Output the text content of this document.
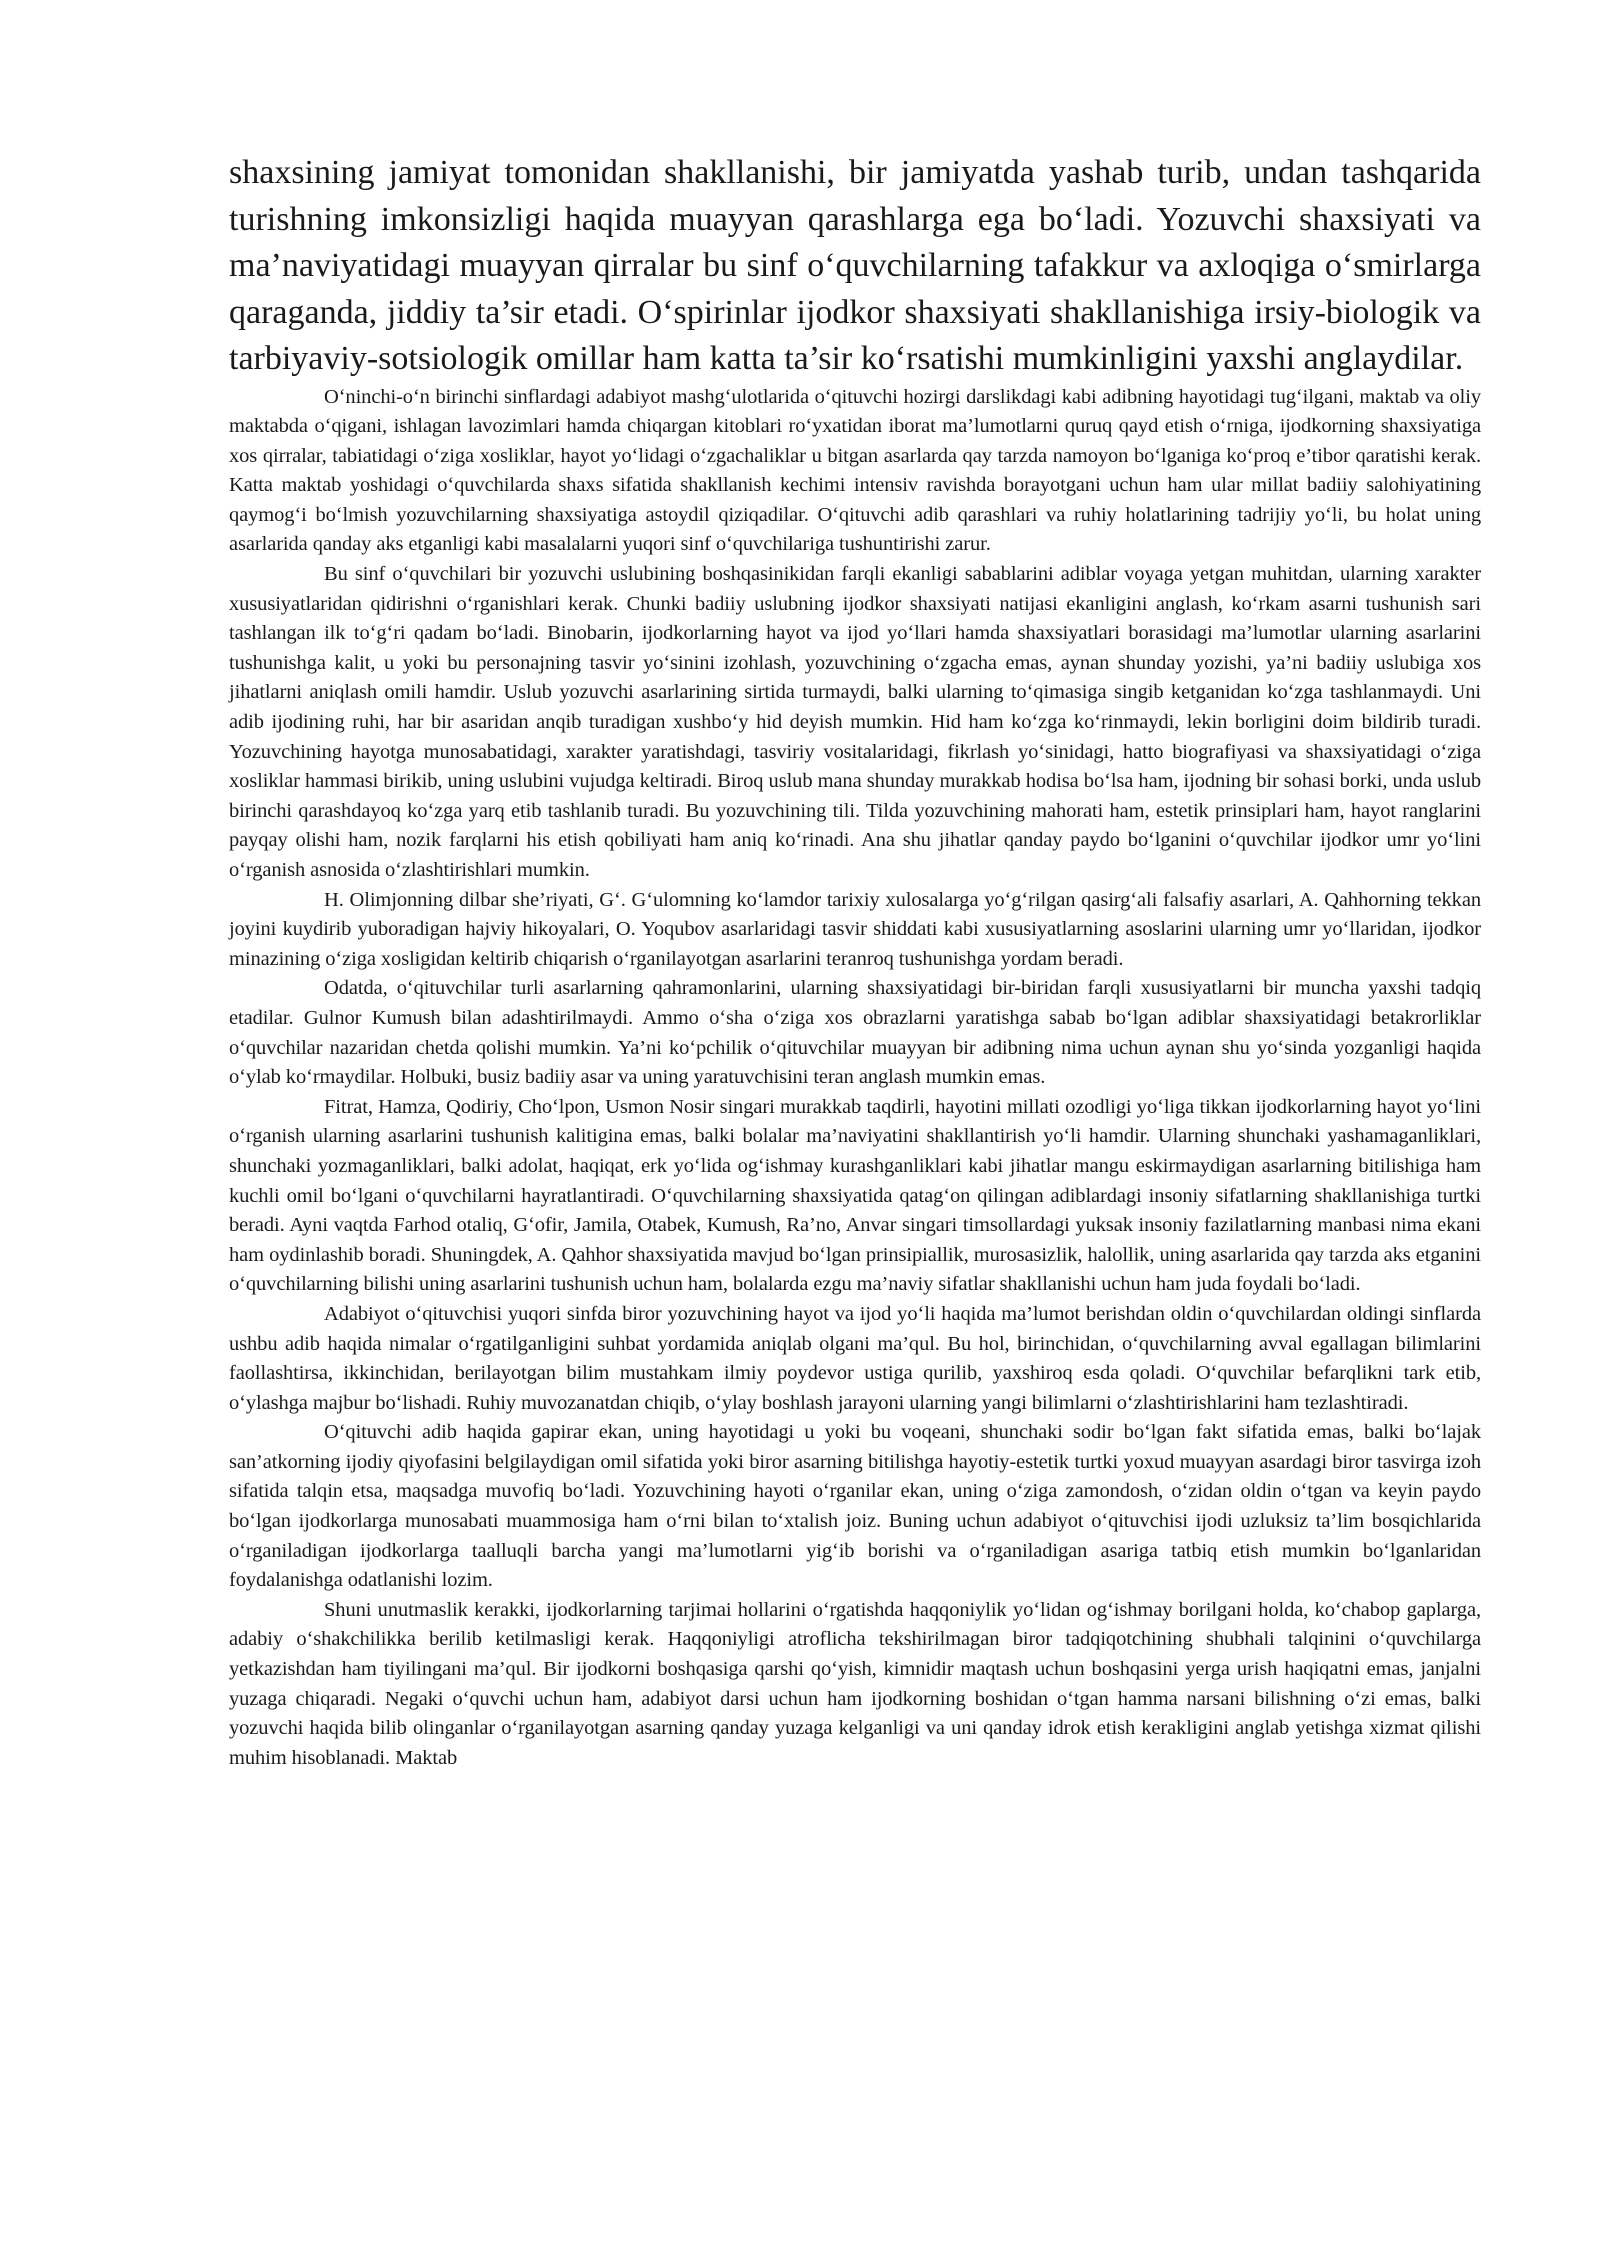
shaxsining jamiyat tomonidan shakllanishi, bir jamiyatda yashab turib, undan tashqarida turishning imkonsizligi haqida muayyan qarashlarga ega bo‘ladi. Yozuvchi shaxsiyati va ma’naviyatidagi muayyan qirralar bu sinf o‘quvchilarning tafakkur va axloqiga o‘smirlarga qaraganda, jiddiy ta’sir etadi. O‘spirinlar ijodkor shaxsiyati shakllanishiga irsiy-biologik va tarbiyaviy-sotsiologik omillar ham katta ta’sir ko‘rsatishi mumkinligini yaxshi anglaydilar.

O‘ninchi-o‘n birinchi sinflardagi adabiyot mashg‘ulotlarida o‘qituvchi hozirgi darslikdagi kabi adibning hayotidagi tug‘ilgani, maktab va oliy maktabda o‘qigani, ishlagan lavozimlari hamda chiqargan kitoblari ro‘yxatidan iborat ma’lumotlarni quruq qayd etish o‘rniga, ijodkorning shaxsiyatiga xos qirralar, tabiatidagi o‘ziga xosliklar, hayot yo‘lidagi o‘zgachaliklar u bitgan asarlarda qay tarzda namoyon bo‘lganiga ko‘proq e’tibor qaratishi kerak. Katta maktab yoshidagi o‘quvchilarda shaxs sifatida shakllanish kechimi intensiv ravishda borayotgani uchun ham ular millat badiiy salohiyatining qaymog‘i bo‘lmish yozuvchilarning shaxsiyatiga astoydil qiziqadilar. O‘qituvchi adib qarashlari va ruhiy holatlarining tadrijiy yo‘li, bu holat uning asarlarida qanday aks etganligi kabi masalalarni yuqori sinf o‘quvchilariga tushuntirishi zarur.

Bu sinf o‘quvchilari bir yozuvchi uslubining boshqasinikidan farqli ekanligi sabablarini adiblar voyaga yetgan muhitdan, ularning xarakter xususiyatlaridan qidirishni o‘rganishlari kerak. Chunki badiiy uslubning ijodkor shaxsiyati natijasi ekanligini anglash, ko‘rkam asarni tushunish sari tashlangan ilk to‘g‘ri qadam bo‘ladi. Binobarin, ijodkorlarning hayot va ijod yo‘llari hamda shaxsiyatlari borasidagi ma’lumotlar ularning asarlarini tushunishga kalit, u yoki bu personajning tasvir yo‘sinini izohlash, yozuvchining o‘zgacha emas, aynan shunday yozishi, ya’ni badiiy uslubiga xos jihatlarni aniqlash omili hamdir. Uslub yozuvchi asarlarining sirtida turmaydi, balki ularning to‘qimasiga singib ketganidan ko‘zga tashlanmaydi. Uni adib ijodining ruhi, har bir asaridan anqib turadigan xushbo‘y hid deyish mumkin. Hid ham ko‘zga ko‘rinmaydi, lekin borligini doim bildirib turadi. Yozuvchining hayotga munosabatidagi, xarakter yaratishdagi, tasviriy vositalaridagi, fikrlash yo‘sinidagi, hatto biografiyasi va shaxsiyatidagi o‘ziga xosliklar hammasi birikib, uning uslubini vujudga keltiradi. Biroq uslub mana shunday murakkab hodisa bo‘lsa ham, ijodning bir sohasi borki, unda uslub birinchi qarashdayoq ko‘zga yarq etib tashlanib turadi. Bu yozuvchining tili. Tilda yozuvchining mahorati ham, estetik prinsiplari ham, hayot ranglarini payqay olishi ham, nozik farqlarni his etish qobiliyati ham aniq ko‘rinadi. Ana shu jihatlar qanday paydo bo‘lganini o‘quvchilar ijodkor umr yo‘lini o‘rganish asnosida o‘zlashtirishlari mumkin.

H. Olimjonning dilbar she’riyati, G‘. G‘ulomning ko‘lamdor tarixiy xulosalarga yo‘g‘rilgan qasirg‘ali falsafiy asarlari, A. Qahhorning tekkan joyini kuydirib yuboradigan hajviy hikoyalari, O. Yoqubov asarlaridagi tasvir shiddati kabi xususiyatlarning asoslarini ularning umr yo‘llaridan, ijodkor minazining o‘ziga xosligidan keltirib chiqarish o‘rganilayotgan asarlarini teranroq tushunishga yordam beradi.

Odatda, o‘qituvchilar turli asarlarning qahramonlarini, ularning shaxsiyatidagi bir-biridan farqli xususiyatlarni bir muncha yaxshi tadqiq etadilar. Gulnor Kumush bilan adashtirilmaydi. Ammo o‘sha o‘ziga xos obrazlarni yaratishga sabab bo‘lgan adiblar shaxsiyatidagi betakrorliklar o‘quvchilar nazaridan chetda qolishi mumkin. Ya’ni ko‘pchilik o‘qituvchilar muayyan bir adibning nima uchun aynan shu yo‘sinda yozganligi haqida o‘ylab ko‘rmaydilar. Holbuki, busiz badiiy asar va uning yaratuvchisini teran anglash mumkin emas.

Fitrat, Hamza, Qodiriy, Cho‘lpon, Usmon Nosir singari murakkab taqdirli, hayotini millati ozodligi yo‘liga tikkan ijodkorlarning hayot yo‘lini o‘rganish ularning asarlarini tushunish kalitigina emas, balki bolalar ma’naviyatini shakllantirish yo‘li hamdir. Ularning shunchaki yashamaganliklari, shunchaki yozmaganliklari, balki adolat, haqiqat, erk yo‘lida og‘ishmay kurashganliklari kabi jihatlar mangu eskirmaydigan asarlarning bitilishiga ham kuchli omil bo‘lgani o‘quvchilarni hayratlantiradi. O‘quvchilarning shaxsiyatida qatag‘on qilingan adiblardagi insoniy sifatlarning shakllanishiga turtki beradi. Ayni vaqtda Farhod otaliq, G‘ofir, Jamila, Otabek, Kumush, Ra’no, Anvar singari timsollardagi yuksak insoniy fazilatlarning manbasi nima ekani ham oydinlashib boradi. Shuningdek, A. Qahhor shaxsiyatida mavjud bo‘lgan prinsipiallik, murosasizlik, halollik, uning asarlarida qay tarzda aks etganini o‘quvchilarning bilishi uning asarlarini tushunish uchun ham, bolalarda ezgu ma’naviy sifatlar shakllanishi uchun ham juda foydali bo‘ladi.

Adabiyot o‘qituvchisi yuqori sinfda biror yozuvchining hayot va ijod yo‘li haqida ma’lumot berishdan oldin o‘quvchilardan oldingi sinflarda ushbu adib haqida nimalar o‘rgatilganligini suhbat yordamida aniqlab olgani ma’qul. Bu hol, birinchidan, o‘quvchilarning avval egallagan bilimlarini faollashtirsa, ikkinchidan, berilayotgan bilim mustahkam ilmiy poydevor ustiga qurilib, yaxshiroq esda qoladi. O‘quvchilar befarqlikni tark etib, o‘ylashga majbur bo‘lishadi. Ruhiy muvozanatdan chiqib, o‘ylay boshlash jarayoni ularning yangi bilimlarni o‘zlashtirishlarini ham tezlashtiradi.

O‘qituvchi adib haqida gapirar ekan, uning hayotidagi u yoki bu voqeani, shunchaki sodir bo‘lgan fakt sifatida emas, balki bo‘lajak san’atkorning ijodiy qiyofasini belgilaydigan omil sifatida yoki biror asarning bitilishga hayotiy-estetik turtki yoxud muayyan asardagi biror tasvirga izoh sifatida talqin etsa, maqsadga muvofiq bo‘ladi. Yozuvchining hayoti o‘rganilar ekan, uning o‘ziga zamondosh, o‘zidan oldin o‘tgan va keyin paydo bo‘lgan ijodkorlarga munosabati muammosiga ham o‘rni bilan to‘xtalish joiz. Buning uchun adabiyot o‘qituvchisi ijodi uzluksiz ta’lim bosqichlarida o‘rganiladigan ijodkorlarga taalluqli barcha yangi ma’lumotlarni yig‘ib borishi va o‘rganiladigan asariga tatbiq etish mumkin bo‘lganlaridan foydalanishga odatlanishi lozim.

Shuni unutmaslik kerakki, ijodkorlarning tarjimai hollarini o‘rgatishda haqqoniylik yo‘lidan og‘ishmay borilgani holda, ko‘chabop gaplarga, adabiy o‘shakchilikka berilib ketilmasligi kerak. Haqqoniyligi atroflicha tekshirilmagan biror tadqiqotchining shubhali talqinini o‘quvchilarga yetkazishdan ham tiyilingani ma’qul. Bir ijodkorni boshqasiga qarshi qo‘yish, kimnidir maqtash uchun boshqasini yerga urish haqiqatni emas, janjalni yuzaga chiqaradi. Negaki o‘quvchi uchun ham, adabiyot darsi uchun ham ijodkorning boshidan o‘tgan hamma narsani bilishning o‘zi emas, balki yozuvchi haqida bilib olinganlar o‘rganilayotgan asarning qanday yuzaga kelganligi va uni qanday idrok etish kerakligini anglab yetishga xizmat qilishi muhim hisoblanadi. Maktab
